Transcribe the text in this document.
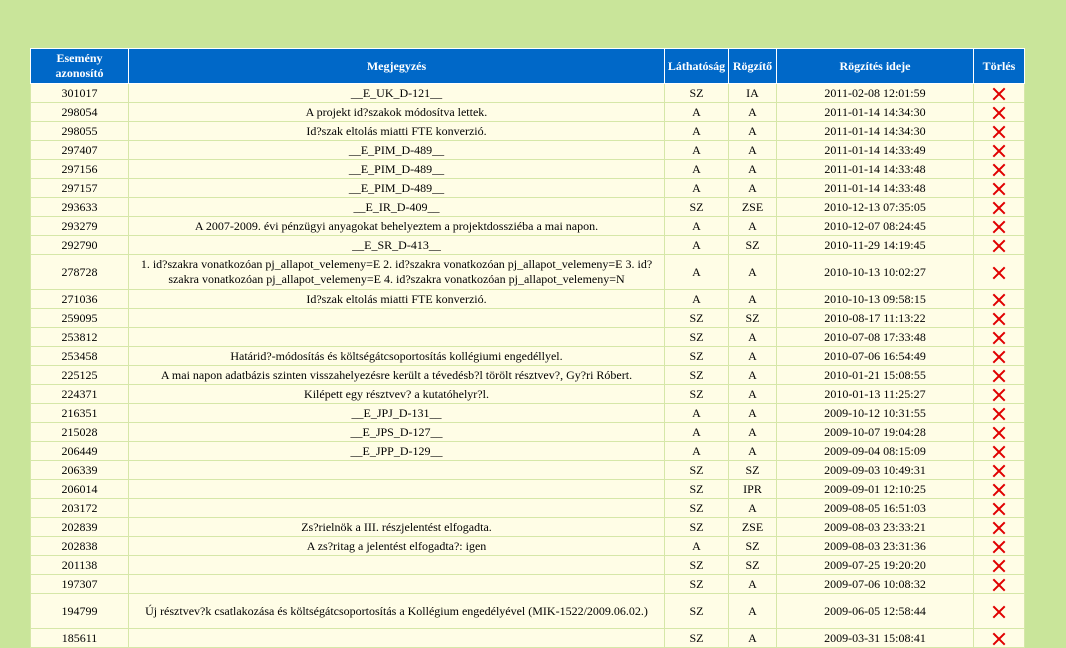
Esemény azonosító	Megjegyzés	Láthatóság	Rögzítő	Rögzítés ideje	Törlés
301017	__E_UK_D-121__	SZ	IA	2011-02-08 12:01:59	
298054	A projekt id?szakok módosítva lettek.	A	A	2011-01-14 14:34:30	
298055	Id?szak eltolás miatti FTE konverzió.	A	A	2011-01-14 14:34:30	
297407	__E_PIM_D-489__	A	A	2011-01-14 14:33:49	
297156	__E_PIM_D-489__	A	A	2011-01-14 14:33:48	
297157	__E_PIM_D-489__	A	A	2011-01-14 14:33:48	
293633	__E_IR_D-409__	SZ	ZSE	2010-12-13 07:35:05	
293279	A 2007-2009. évi pénzügyi anyagokat behelyeztem a projektdossziéba a mai napon.	A	A	2010-12-07 08:24:45	
292790	__E_SR_D-413__	A	SZ	2010-11-29 14:19:45	
278728	1. id?szakra vonatkozóan pj_allapot_velemeny=E 2. id?szakra vonatkozóan pj_allapot_velemeny=E 3. id?szakra vonatkozóan pj_allapot_velemeny=E 4. id?szakra vonatkozóan pj_allapot_velemeny=N	A	A	2010-10-13 10:02:27	
271036	Id?szak eltolás miatti FTE konverzió.	A	A	2010-10-13 09:58:15	
259095		SZ	SZ	2010-08-17 11:13:22	
253812		SZ	A	2010-07-08 17:33:48	
253458	Határid?-módosítás és költségátcsoportosítás kollégiumi engedéllyel.	SZ	A	2010-07-06 16:54:49	
225125	A mai napon adatbázis szinten visszahelyezésre került a tévedésb?l törölt résztvev?, Gy?ri Róbert.	SZ	A	2010-01-21 15:08:55	
224371	Kilépett egy résztvev? a kutatóhelyr?l.	SZ	A	2010-01-13 11:25:27	
216351	__E_JPJ_D-131__	A	A	2009-10-12 10:31:55	
215028	__E_JPS_D-127__	A	A	2009-10-07 19:04:28	
206449	__E_JPP_D-129__	A	A	2009-09-04 08:15:09	
206339		SZ	SZ	2009-09-03 10:49:31	
206014		SZ	IPR	2009-09-01 12:10:25	
203172		SZ	A	2009-08-05 16:51:03	
202839	Zs?rielnök a III. részjelentést elfogadta.	SZ	ZSE	2009-08-03 23:33:21	
202838	A zs?ritag a jelentést elfogadta?: igen	A	SZ	2009-08-03 23:31:36	
201138		SZ	SZ	2009-07-25 19:20:20	
197307		SZ	A	2009-07-06 10:08:32	
194799	Új résztvev?k csatlakozása és költségátcsoportosítás a Kollégium engedélyével (MIK-1522/2009.06.02.)	SZ	A	2009-06-05 12:58:44	
185611		SZ	A	2009-03-31 15:08:41	
